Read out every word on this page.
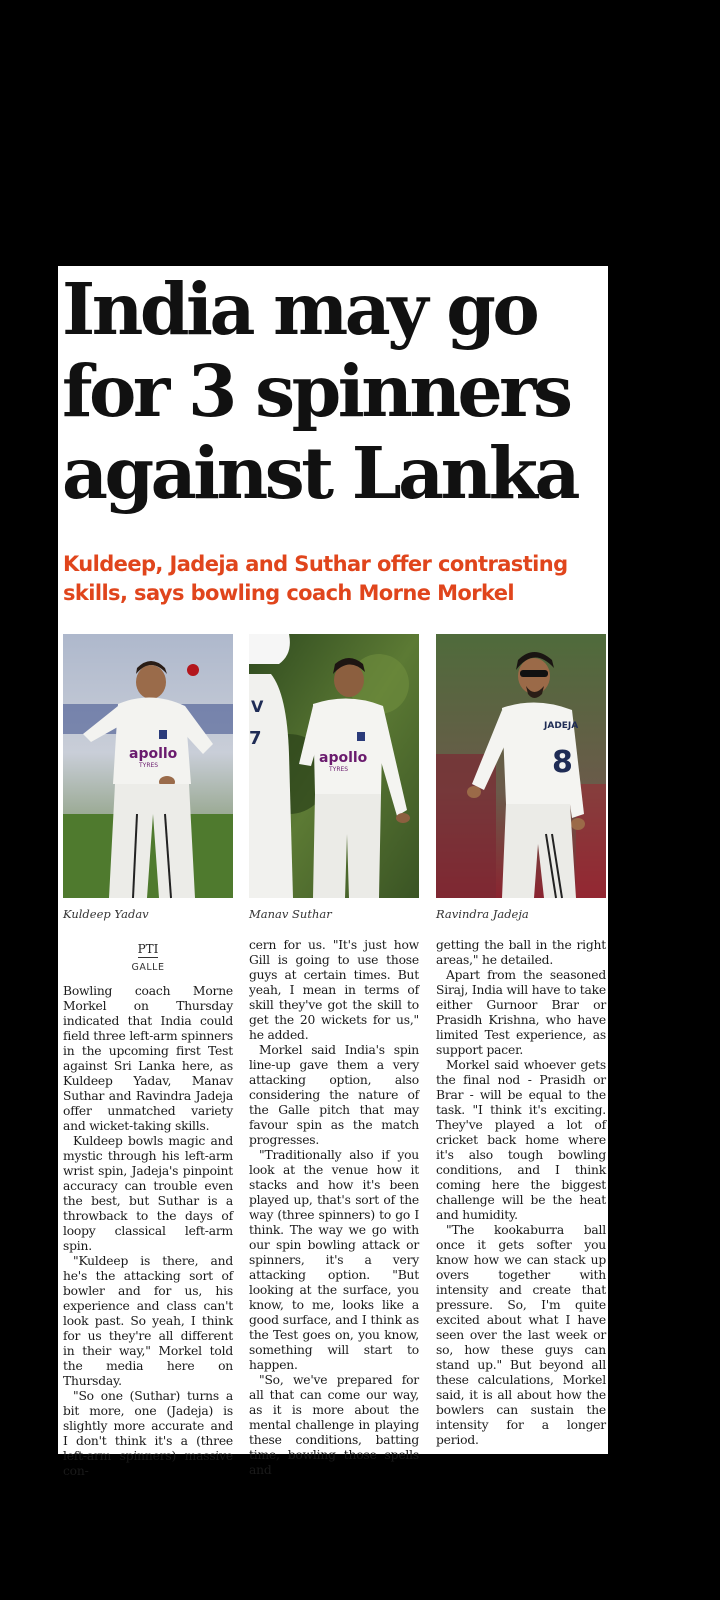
India may go for 3 spinners against Lanka
Kuldeep, Jadeja and Suthar offer contrasting skills, says bowling coach Morne Morkel
apollo
TYRES
V
7
apollo
TYRES
JADEJA
8
Kuldeep Yadav	Manav Suthar	Ravindra Jadeja
PTI
GALLE

Bowling coach Morne Morkel on Thursday indicated that India could field three left-arm spinners in the upcoming first Test against Sri Lanka here, as Kuldeep Yadav, Manav Suthar and Ravindra Jadeja offer unmatched variety and wicket-taking skills.

Kuldeep bowls magic and mystic through his left-arm wrist spin, Jadeja's pinpoint accuracy can trouble even the best, but Suthar is a throwback to the days of loopy classical left-arm spin.

"Kuldeep is there, and he's the attacking sort of bowler and for us, his experience and class can't look past. So yeah, I think for us they're all different in their way," Morkel told the media here on Thursday.

"So one (Suthar) turns a bit more, one (Jadeja) is slightly more accurate and I don't think it's a (three left-arm spinners) massive con-

cern for us. "It's just how Gill is going to use those guys at certain times. But yeah, I mean in terms of skill they've got the skill to get the 20 wickets for us," he added.

Morkel said India's spin line-up gave them a very attacking option, also considering the nature of the Galle pitch that may favour spin as the match progresses.

"Traditionally also if you look at the venue how it stacks and how it's been played up, that's sort of the way (three spinners) to go I think. The way we go with our spin bowling attack or spinners, it's a very attacking option. "But looking at the surface, you know, to me, looks like a good surface, and I think as the Test goes on, you know, something will start to happen.

"So, we've prepared for all that can come our way, as it is more about the mental challenge in playing these conditions, batting time, bowling those spells and

getting the ball in the right areas," he detailed.

Apart from the seasoned Siraj, India will have to take either Gurnoor Brar or Prasidh Krishna, who have limited Test experience, as support pacer.

Morkel said whoever gets the final nod - Prasidh or Brar - will be equal to the task. "I think it's exciting. They've played a lot of cricket back home where it's also tough bowling conditions, and I think coming here the biggest challenge will be the heat and humidity.

"The kookaburra ball once it gets softer you know how we can stack up overs together with intensity and create that pressure. So, I'm quite excited about what I have seen over the last week or so, how these guys can stand up." But beyond all these calculations, Morkel said, it is all about how the bowlers can sustain the intensity for a longer period.
